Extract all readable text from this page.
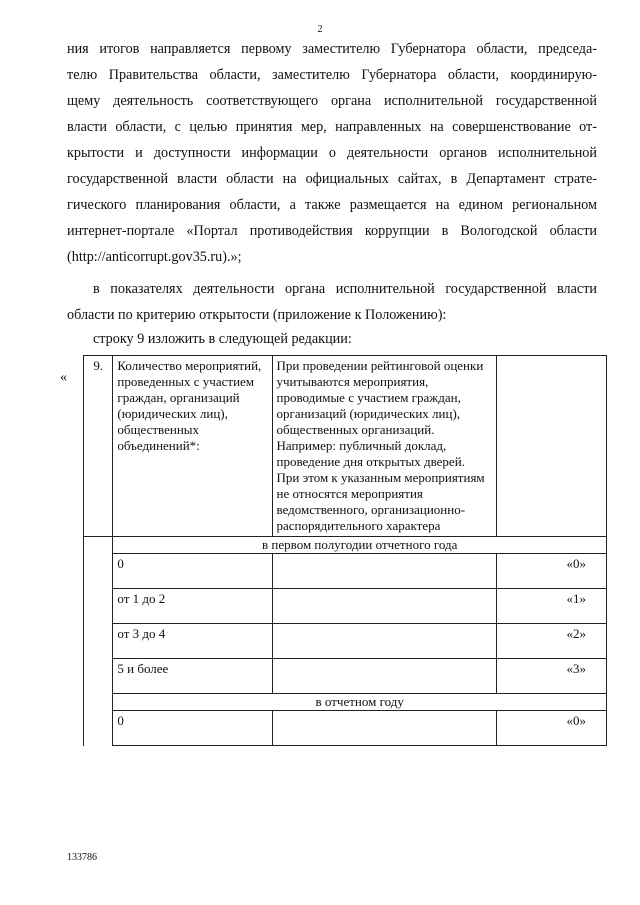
2
ния итогов направляется первому заместителю Губернатора области, председа-
телю Правительства области, заместителю Губернатора области, координирую-
щему деятельность соответствующего органа исполнительной государственной
власти области, с целью принятия мер, направленных на совершенствование от-
крытости и доступности информации о деятельности органов исполнительной
государственной власти области на официальных сайтах, в Департамент страте-
гического планирования области, а также размещается на едином региональном
интернет-портале «Портал противодействия коррупции в Вологодской области
(http://anticorrupt.gov35.ru).»;
в показателях деятельности органа исполнительной государственной власти
области по критерию открытости (приложение к Положению):
строку 9 изложить в следующей редакции:
«
9.	Количество мероприятий, проведенных с участием граждан, организаций (юридических лиц), общественных объединений*:	При проведении рейтинговой оценки учитываются мероприятия, проводимые с участием граждан, организаций (юридических лиц), общественных организаций.
Например: публичный доклад, проведение дня открытых дверей.
При этом к указанным мероприятиям не относятся мероприятия ведомственного, организационно-распорядительного характера	

	в первом полугодии отчетного года		
	0		«0»
	от 1 до 2		«1»
	от 3 до 4		«2»
	5 и более		«3»
	в отчетном году		
	0		«0»
133786
